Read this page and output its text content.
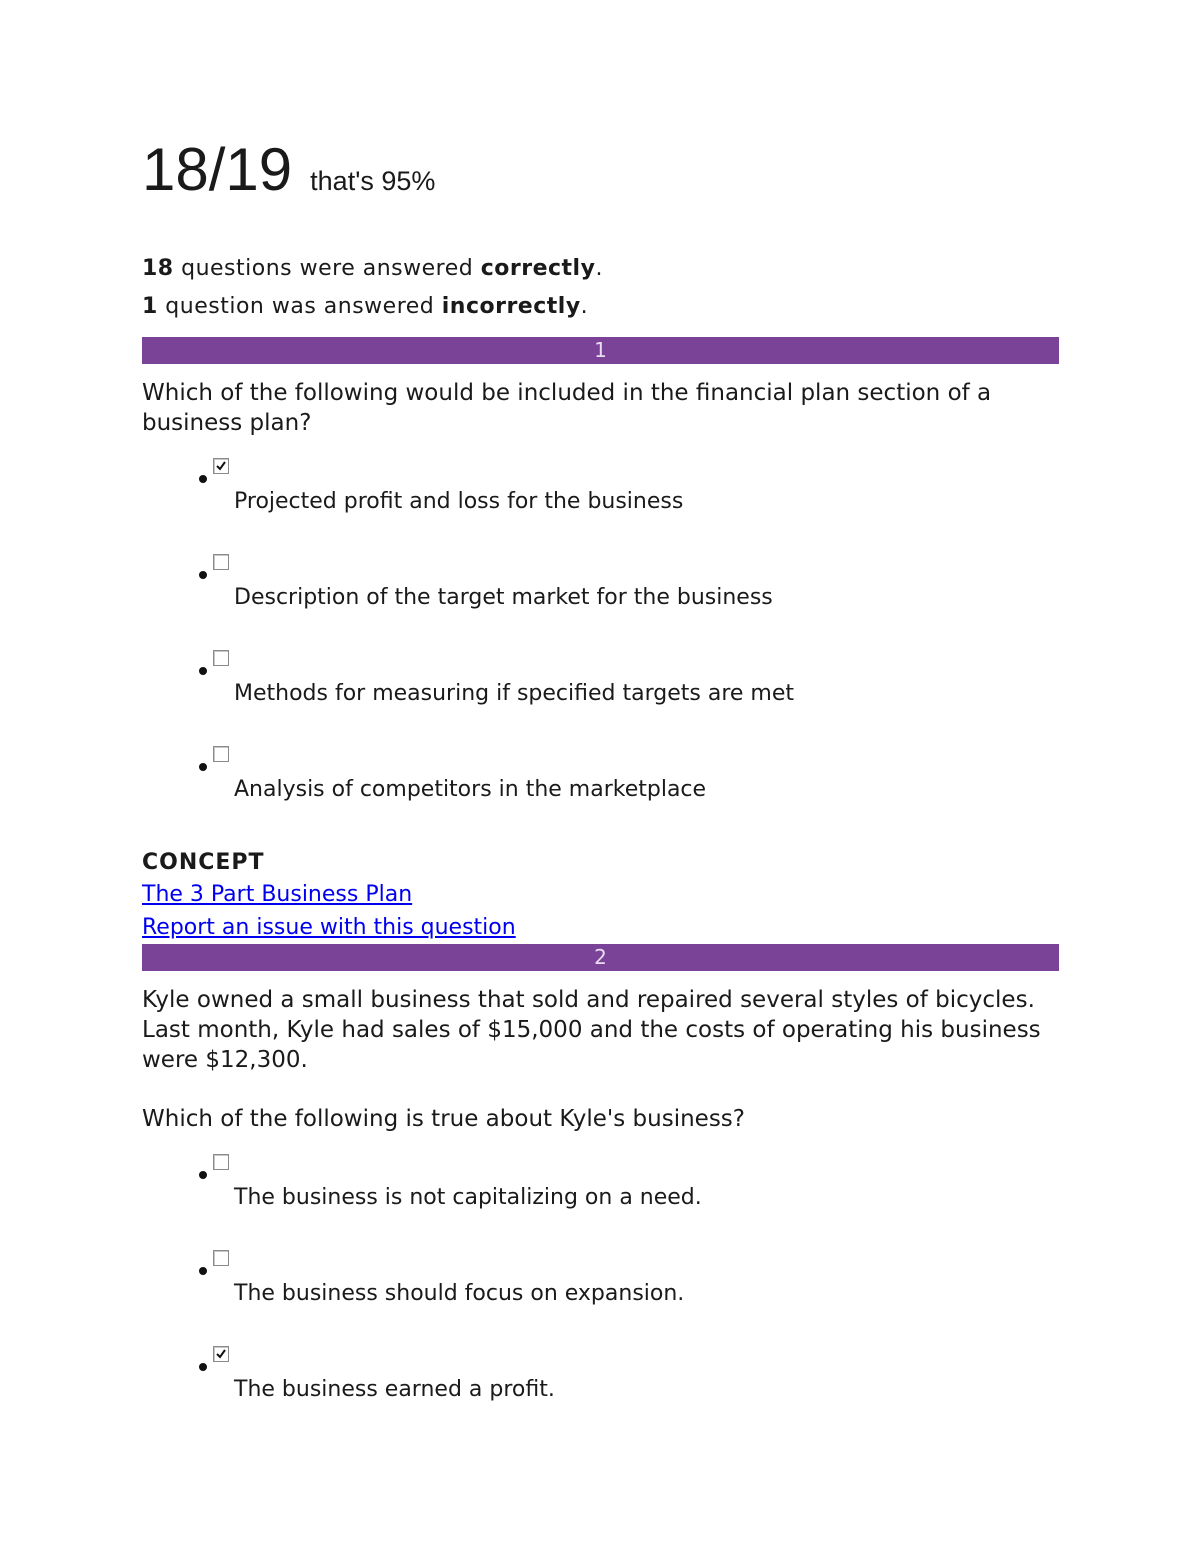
18/19 that's 95%

18 questions were answered correctly.

1 question was answered incorrectly.

1

Which of the following would be included in the financial plan section of a business plan?

Projected profit and loss for the business
Description of the target market for the business
Methods for measuring if specified targets are met
Analysis of competitors in the marketplace

CONCEPT

The 3 Part Business Plan
Report an issue with this question
2

Kyle owned a small business that sold and repaired several styles of bicycles. Last month, Kyle had sales of $15,000 and the costs of operating his business were $12,300.

Which of the following is true about Kyle's business?

The business is not capitalizing on a need.
The business should focus on expansion.
The business earned a profit.
